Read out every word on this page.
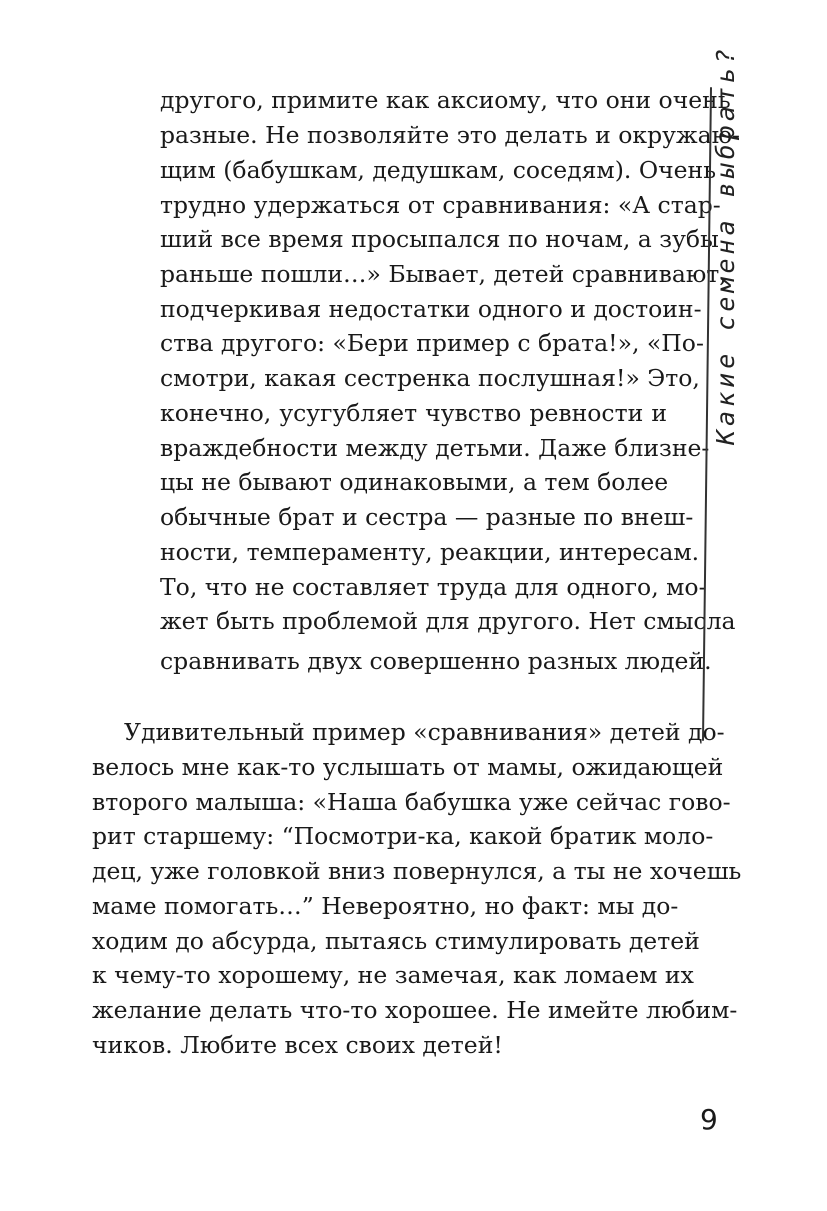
другого, примите как аксиому, что они очень
разные. Не позволяйте это делать и окружаю-
щим (бабушкам, дедушкам, соседям). Очень
трудно удержаться от сравнивания: «А стар-
ший все время просыпался по ночам, а зубы
раньше пошли…» Бывает, детей сравнивают,
подчеркивая недостатки одного и достоин-
ства другого: «Бери пример с брата!», «По-
смотри, какая сестренка послушная!» Это,
конечно, усугубляет чувство ревности и
враждебности между детьми. Даже близне-
цы не бывают одинаковыми, а тем более
обычные брат и сестра — разные по внеш-
ности, темпераменту, реакции, интересам.
То, что не составляет труда для одного, мо-
жет быть проблемой для другого. Нет смысла
сравнивать двух совершенно разных людей.
Какие семена выбрать?
Удивительный пример «сравнивания» детей до-
велось мне как-то услышать от мамы, ожидающей
второго малыша: «Наша бабушка уже сейчас гово-
рит старшему: “Посмотри-ка, какой братик моло-
дец, уже головкой вниз повернулся, а ты не хочешь
маме помогать…” Невероятно, но факт: мы до-
ходим до абсурда, пытаясь стимулировать детей
к чему-то хорошему, не замечая, как ломаем их
желание делать что-то хорошее. Не имейте любим-
чиков. Любите всех своих детей!
9
